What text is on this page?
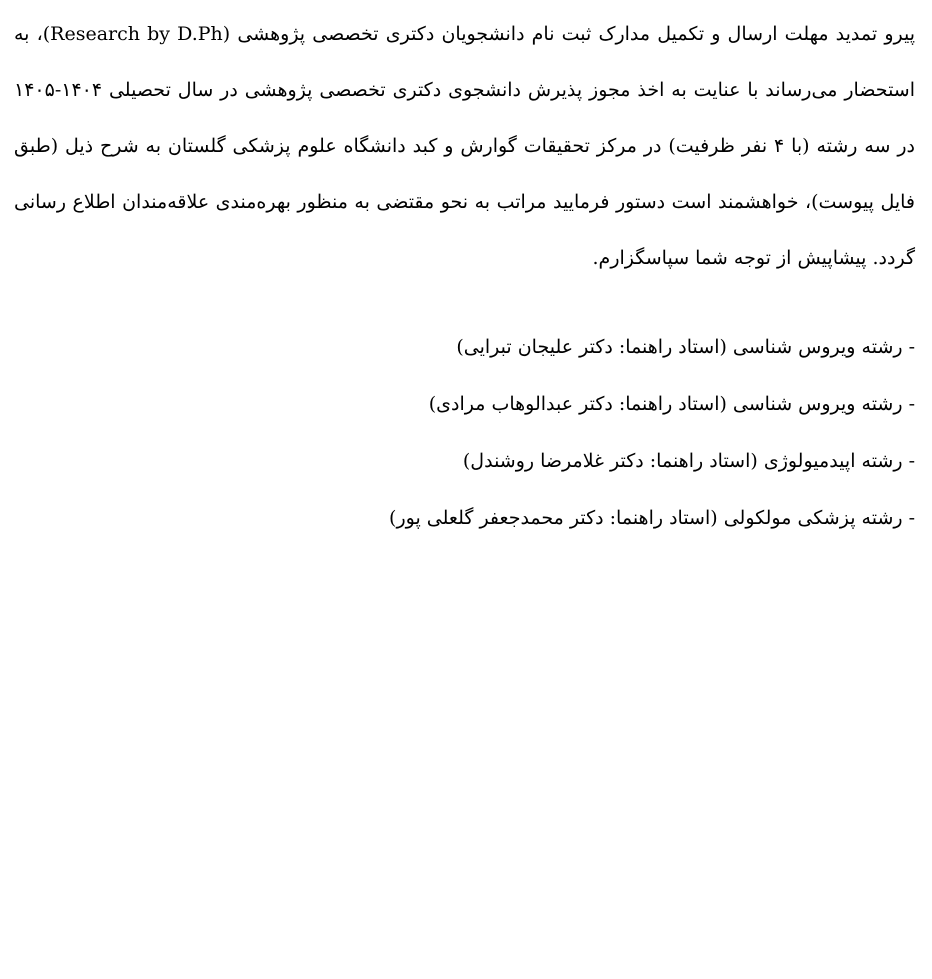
پیرو تمدید مهلت ارسال و تکمیل مدارک ثبت نام دانشجویان دکتری تخصصی پژوهشی (Research by D.Ph)، به استحضار می‌رساند با عنایت به اخذ مجوز پذیرش دانشجوی دکتری تخصصی پژوهشی در سال تحصیلی ۱۴۰۴-۱۴۰۵ در سه رشته (با ۴ نفر ظرفیت) در مرکز تحقیقات گوارش و کبد دانشگاه علوم پزشکی گلستان به شرح ذیل (طبق فایل پیوست)، خواهشمند است دستور فرمایید مراتب به نحو مقتضی به منظور بهره‌مندی علاقه‌مندان اطلاع رسانی گردد. پیشاپیش از توجه شما سپاسگزارم.

- رشته ویروس شناسی (استاد راهنما: دکتر علیجان تبرایی)
- رشته ویروس شناسی (استاد راهنما: دکتر عبدالوهاب مرادی)
- رشته اپیدمیولوژی (استاد راهنما: دکتر غلامرضا روشندل)
- رشته پزشکی مولکولی (استاد راهنما: دکتر محمدجعفر گلعلی پور)
